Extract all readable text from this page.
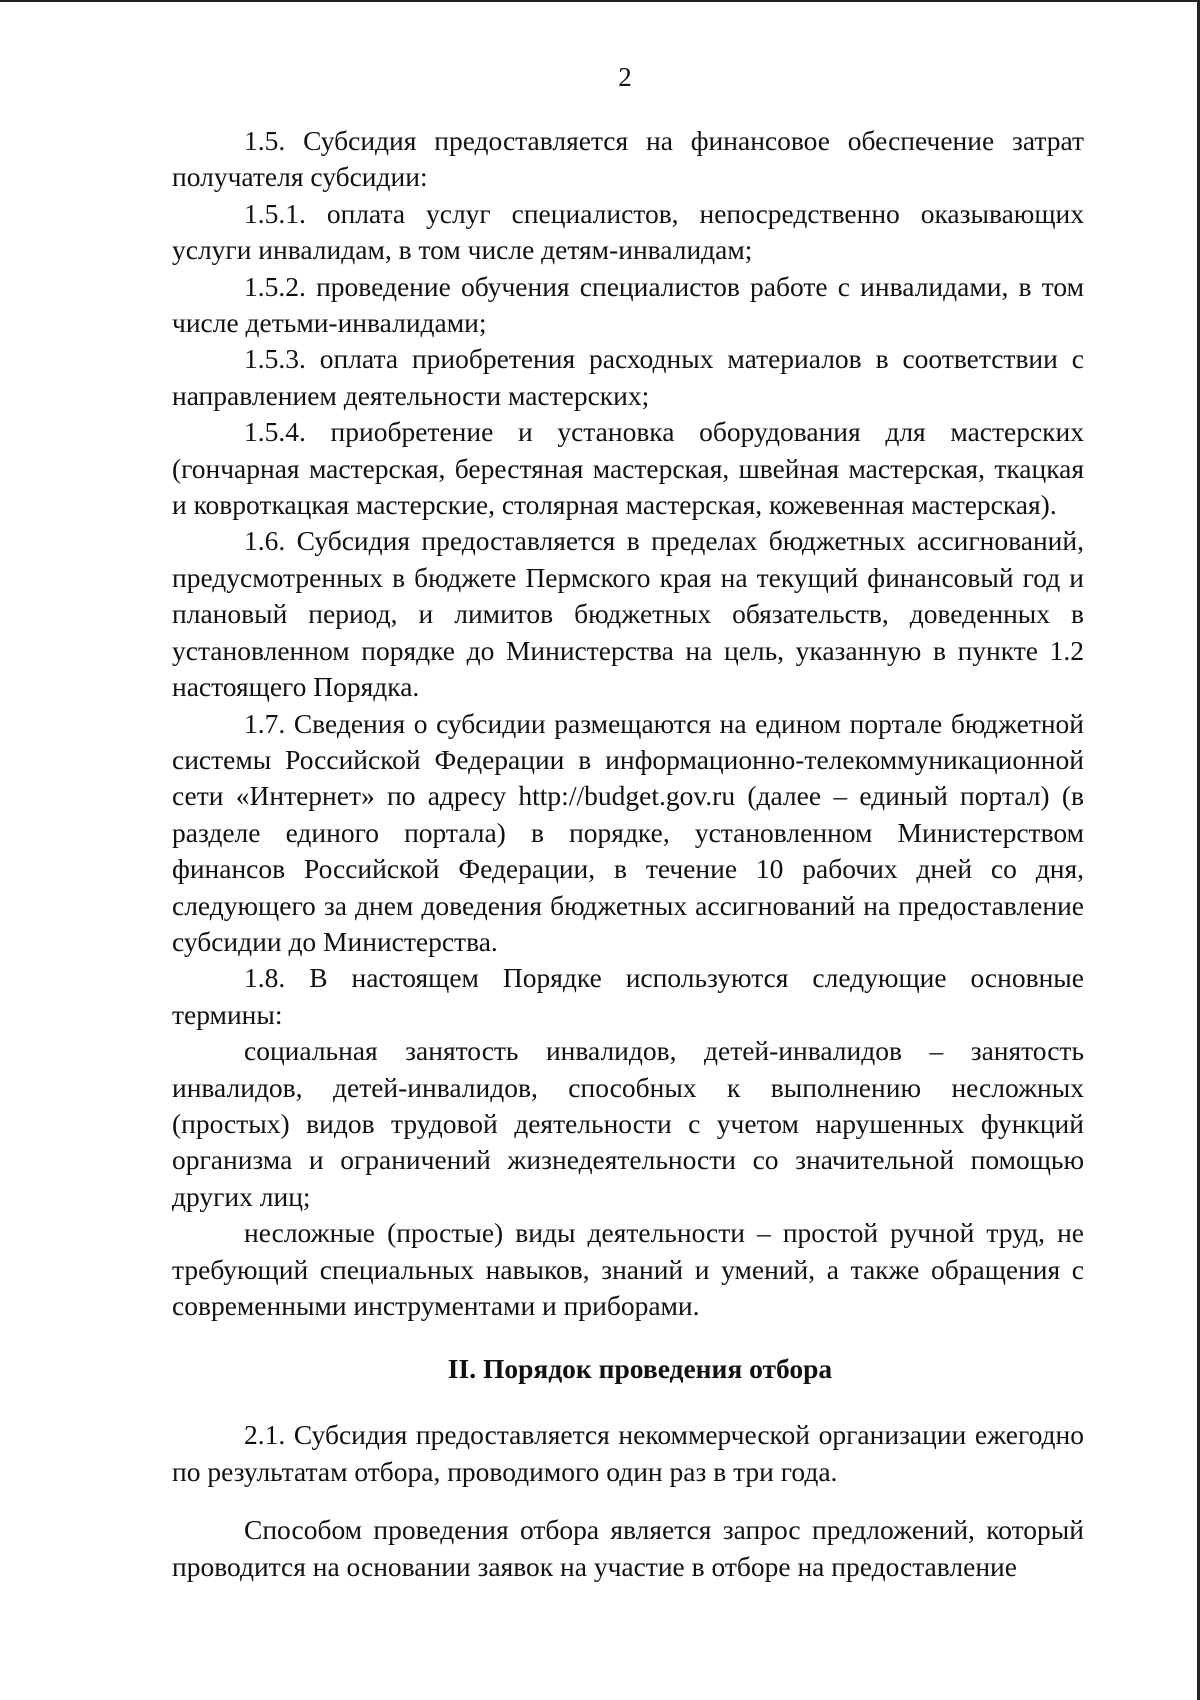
2

1.5. Субсидия предоставляется на финансовое обеспечение затрат получателя субсидии:

1.5.1. оплата услуг специалистов, непосредственно оказывающих услуги инвалидам, в том числе детям-инвалидам;

1.5.2. проведение обучения специалистов работе с инвалидами, в том числе детьми-инвалидами;

1.5.3. оплата приобретения расходных материалов в соответствии с направлением деятельности мастерских;

1.5.4. приобретение и установка оборудования для мастерских (гончарная мастерская, берестяная мастерская, швейная мастерская, ткацкая и ковроткацкая мастерские, столярная мастерская, кожевенная мастерская).

1.6. Субсидия предоставляется в пределах бюджетных ассигнований, предусмотренных в бюджете Пермского края на текущий финансовый год и плановый период, и лимитов бюджетных обязательств, доведенных в установленном порядке до Министерства на цель, указанную в пункте 1.2 настоящего Порядка.

1.7. Сведения о субсидии размещаются на едином портале бюджетной системы Российской Федерации в информационно-телекоммуникационной сети «Интернет» по адресу http://budget.gov.ru (далее – единый портал) (в разделе единого портала) в порядке, установленном Министерством финансов Российской Федерации, в течение 10 рабочих дней со дня, следующего за днем доведения бюджетных ассигнований на предоставление субсидии до Министерства.

1.8. В настоящем Порядке используются следующие основные термины:

социальная занятость инвалидов, детей-инвалидов – занятость инвалидов, детей-инвалидов, способных к выполнению несложных (простых) видов трудовой деятельности с учетом нарушенных функций организма и ограничений жизнедеятельности со значительной помощью других лиц;

несложные (простые) виды деятельности – простой ручной труд, не требующий специальных навыков, знаний и умений, а также обращения с современными инструментами и приборами.

II. Порядок проведения отбора

2.1. Субсидия предоставляется некоммерческой организации ежегодно по результатам отбора, проводимого один раз в три года.

Способом проведения отбора является запрос предложений, который проводится на основании заявок на участие в отборе на предоставление
